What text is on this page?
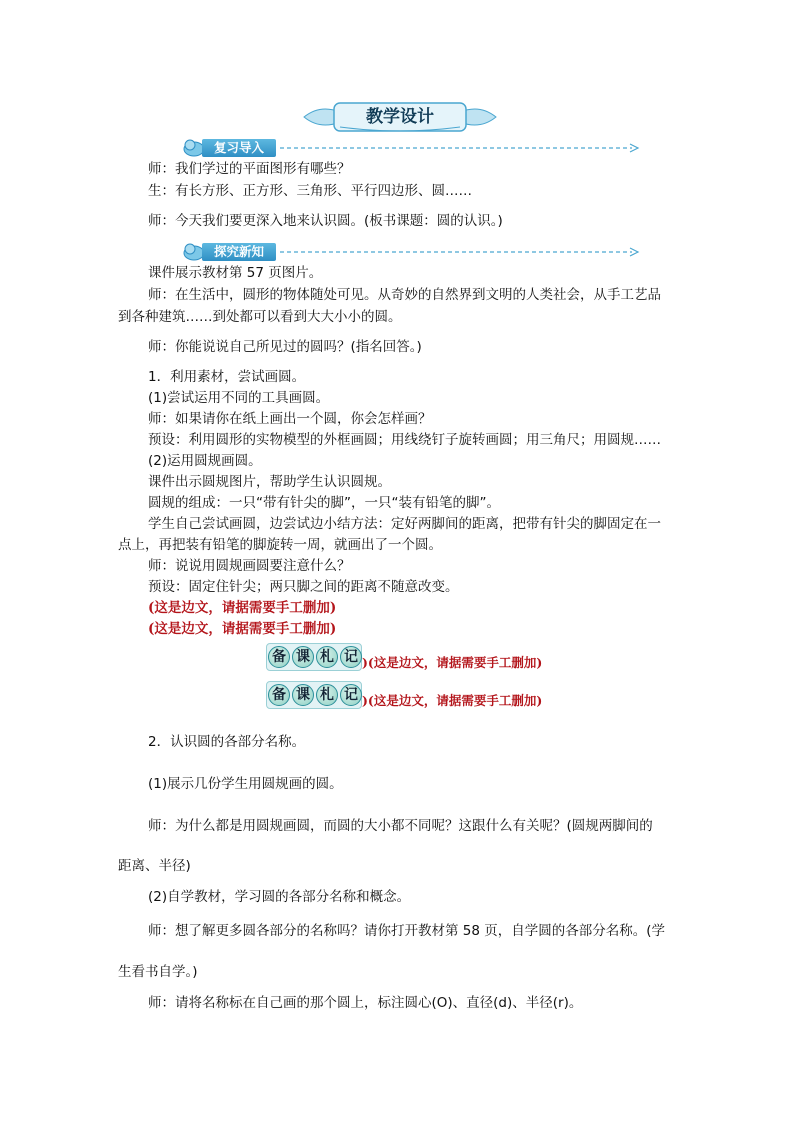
教学设计
复习导入
师：我们学过的平面图形有哪些？
生：有长方形、正方形、三角形、平行四边形、圆……
师：今天我们要更深入地来认识圆。(板书课题：圆的认识。)
探究新知
课件展示教材第 57 页图片。
师：在生活中，圆形的物体随处可见。从奇妙的自然界到文明的人类社会，从手工艺品
到各种建筑……到处都可以看到大大小小的圆。
师：你能说说自己所见过的圆吗？(指名回答。)
1．利用素材，尝试画圆。
(1)尝试运用不同的工具画圆。
师：如果请你在纸上画出一个圆，你会怎样画？
预设：利用圆形的实物模型的外框画圆；用线绕钉子旋转画圆；用三角尺；用圆规……
(2)运用圆规画圆。
课件出示圆规图片，帮助学生认识圆规。
圆规的组成：一只“带有针尖的脚”，一只“装有铅笔的脚”。
学生自己尝试画圆，边尝试边小结方法：定好两脚间的距离，把带有针尖的脚固定在一
点上，再把装有铅笔的脚旋转一周，就画出了一个圆。
师：说说用圆规画圆要注意什么？
预设：固定住针尖；两只脚之间的距离不随意改变。
(这是边文，请据需要手工删加)
(这是边文，请据需要手工删加)
备 课 札 记 )(这是边文，请据需要手工删加)
备 课 札 记 )(这是边文，请据需要手工删加)
2．认识圆的各部分名称。
(1)展示几份学生用圆规画的圆。
师：为什么都是用圆规画圆，而圆的大小都不同呢？这跟什么有关呢？(圆规两脚间的
距离、半径)
(2)自学教材，学习圆的各部分名称和概念。
师：想了解更多圆各部分的名称吗？请你打开教材第 58 页，自学圆的各部分名称。(学
生看书自学。)
师：请将名称标在自己画的那个圆上，标注圆心(O)、直径(d)、半径(r)。
